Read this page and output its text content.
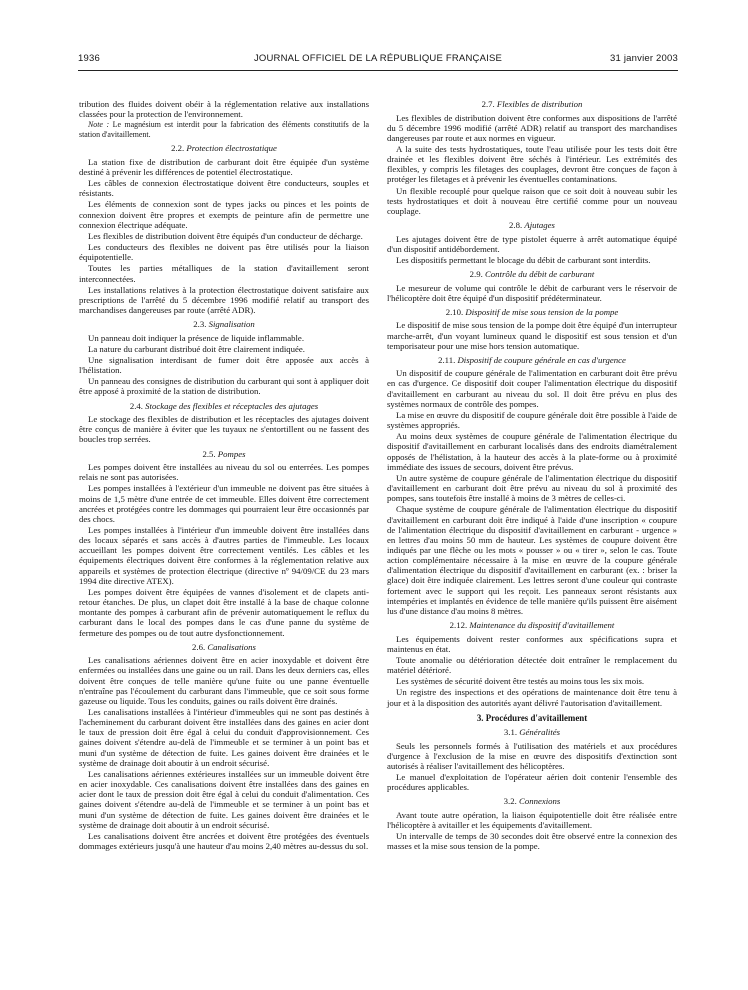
1936	JOURNAL OFFICIEL DE LA RÉPUBLIQUE FRANÇAISE	31 janvier 2003

tribution des fluides doivent obéir à la réglementation relative aux installations classées pour la protection de l'environnement.

Note : Le magnésium est interdit pour la fabrication des éléments constitutifs de la station d'avitaillement.

2.2. Protection électrostatique

La station fixe de distribution de carburant doit être équipée d'un système destiné à prévenir les différences de potentiel électrostatique.

Les câbles de connexion électrostatique doivent être conducteurs, souples et résistants.

Les éléments de connexion sont de types jacks ou pinces et les points de connexion doivent être propres et exempts de peinture afin de permettre une connexion électrique adéquate.

Les flexibles de distribution doivent être équipés d'un conducteur de décharge.

Les conducteurs des flexibles ne doivent pas être utilisés pour la liaison équipotentielle.

Toutes les parties métalliques de la station d'avitaillement seront interconnectées.

Les installations relatives à la protection électrostatique doivent satisfaire aux prescriptions de l'arrêté du 5 décembre 1996 modifié relatif au transport des marchandises dangereuses par route (arrêté ADR).

2.3. Signalisation

Un panneau doit indiquer la présence de liquide inflammable.

La nature du carburant distribué doit être clairement indiquée.

Une signalisation interdisant de fumer doit être apposée aux accès à l'hélistation.

Un panneau des consignes de distribution du carburant qui sont à appliquer doit être apposé à proximité de la station de distribution.

2.4. Stockage des flexibles et réceptacles des ajutages

Le stockage des flexibles de distribution et les réceptacles des ajutages doivent être conçus de manière à éviter que les tuyaux ne s'entortillent ou ne fassent des boucles trop serrées.

2.5. Pompes

Les pompes doivent être installées au niveau du sol ou enterrées. Les pompes relais ne sont pas autorisées.

Les pompes installées à l'extérieur d'un immeuble ne doivent pas être situées à moins de 1,5 mètre d'une entrée de cet immeuble. Elles doivent être correctement ancrées et protégées contre les dommages qui pourraient leur être occasionnés par des chocs.

Les pompes installées à l'intérieur d'un immeuble doivent être installées dans des locaux séparés et sans accès à d'autres parties de l'immeuble. Les locaux accueillant les pompes doivent être correctement ventilés. Les câbles et les équipements électriques doivent être conformes à la réglementation relative aux appareils et systèmes de protection électrique (directive nº 94/09/CE du 23 mars 1994 dite directive ATEX).

Les pompes doivent être équipées de vannes d'isolement et de clapets anti-retour étanches. De plus, un clapet doit être installé à la base de chaque colonne montante des pompes à carburant afin de prévenir automatiquement le reflux du carburant dans le local des pompes dans le cas d'une panne du système de fermeture des pompes ou de tout autre dysfonctionnement.

2.6. Canalisations

Les canalisations aériennes doivent être en acier inoxydable et doivent être enfermées ou installées dans une gaine ou un rail. Dans les deux derniers cas, elles doivent être conçues de telle manière qu'une fuite ou une panne éventuelle n'entraîne pas l'écoulement du carburant dans l'immeuble, que ce soit sous forme gazeuse ou liquide. Tous les conduits, gaines ou rails doivent être drainés.

Les canalisations installées à l'intérieur d'immeubles qui ne sont pas destinés à l'acheminement du carburant doivent être installées dans des gaines en acier dont le taux de pression doit être égal à celui du conduit d'approvisionnement. Ces gaines doivent s'étendre au-delà de l'immeuble et se terminer à un point bas et muni d'un système de détection de fuite. Les gaines doivent être drainées et le système de drainage doit aboutir à un endroit sécurisé.

Les canalisations aériennes extérieures installées sur un immeuble doivent être en acier inoxydable. Ces canalisations doivent être installées dans des gaines en acier dont le taux de pression doit être égal à celui du conduit d'alimentation. Ces gaines doivent s'étendre au-delà de l'immeuble et se terminer à un point bas et muni d'un système de détection de fuite. Les gaines doivent être drainées et le système de drainage doit aboutir à un endroit sécurisé.

Les canalisations doivent être ancrées et doivent être protégées des éventuels dommages extérieurs jusqu'à une hauteur d'au moins 2,40 mètres au-dessus du sol.

2.7. Flexibles de distribution

Les flexibles de distribution doivent être conformes aux dispositions de l'arrêté du 5 décembre 1996 modifié (arrêté ADR) relatif au transport des marchandises dangereuses par route et aux normes en vigueur.

A la suite des tests hydrostatiques, toute l'eau utilisée pour les tests doit être drainée et les flexibles doivent être séchés à l'intérieur. Les extrémités des flexibles, y compris les filetages des couplages, devront être conçues de façon à protéger les filetages et à prévenir les éventuelles contaminations.

Un flexible recouplé pour quelque raison que ce soit doit à nouveau subir les tests hydrostatiques et doit à nouveau être certifié comme pour un nouveau couplage.

2.8. Ajutages

Les ajutages doivent être de type pistolet équerre à arrêt automatique équipé d'un dispositif antidébordement.

Les dispositifs permettant le blocage du débit de carburant sont interdits.

2.9. Contrôle du débit de carburant

Le mesureur de volume qui contrôle le débit de carburant vers le réservoir de l'hélicoptère doit être équipé d'un dispositif prédéterminateur.

2.10. Dispositif de mise sous tension de la pompe

Le dispositif de mise sous tension de la pompe doit être équipé d'un interrupteur marche-arrêt, d'un voyant lumineux quand le dispositif est sous tension et d'un temporisateur pour une mise hors tension automatique.

2.11. Dispositif de coupure générale en cas d'urgence

Un dispositif de coupure générale de l'alimentation en carburant doit être prévu en cas d'urgence. Ce dispositif doit couper l'alimentation électrique du dispositif d'avitaillement en carburant au niveau du sol. Il doit être prévu en plus des systèmes normaux de contrôle des pompes.

La mise en œuvre du dispositif de coupure générale doit être possible à l'aide de systèmes appropriés.

Au moins deux systèmes de coupure générale de l'alimentation électrique du dispositif d'avitaillement en carburant localisés dans des endroits diamétralement opposés de l'hélistation, à la hauteur des accès à la plate-forme ou à proximité immédiate des issues de secours, doivent être prévus.

Un autre système de coupure générale de l'alimentation électrique du dispositif d'avitaillement en carburant doit être prévu au niveau du sol à proximité des pompes, sans toutefois être installé à moins de 3 mètres de celles-ci.

Chaque système de coupure générale de l'alimentation électrique du dispositif d'avitaillement en carburant doit être indiqué à l'aide d'une inscription « coupure de l'alimentation électrique du dispositif d'avitaillement en carburant - urgence » en lettres d'au moins 50 mm de hauteur. Les systèmes de coupure doivent être indiqués par une flèche ou les mots « pousser » ou « tirer », selon le cas. Toute action complémentaire nécessaire à la mise en œuvre de la coupure générale d'alimentation électrique du dispositif d'avitaillement en carburant (ex. : briser la glace) doit être indiquée clairement. Les lettres seront d'une couleur qui contraste fortement avec le support qui les reçoit. Les panneaux seront résistants aux intempéries et implantés en évidence de telle manière qu'ils puissent être aisément lus d'une distance d'au moins 8 mètres.

2.12. Maintenance du dispositif d'avitaillement

Les équipements doivent rester conformes aux spécifications supra et maintenus en état.

Toute anomalie ou détérioration détectée doit entraîner le remplacement du matériel détérioré.

Les systèmes de sécurité doivent être testés au moins tous les six mois.

Un registre des inspections et des opérations de maintenance doit être tenu à jour et à la disposition des autorités ayant délivré l'autorisation d'avitaillement.

3. Procédures d'avitaillement
3.1. Généralités

Seuls les personnels formés à l'utilisation des matériels et aux procédures d'urgence à l'exclusion de la mise en œuvre des dispositifs d'extinction sont autorisés à réaliser l'avitaillement des hélicoptères.

Le manuel d'exploitation de l'opérateur aérien doit contenir l'ensemble des procédures applicables.

3.2. Connexions

Avant toute autre opération, la liaison équipotentielle doit être réalisée entre l'hélicoptère à avitailler et les équipements d'avitaillement.

Un intervalle de temps de 30 secondes doit être observé entre la connexion des masses et la mise sous tension de la pompe.
